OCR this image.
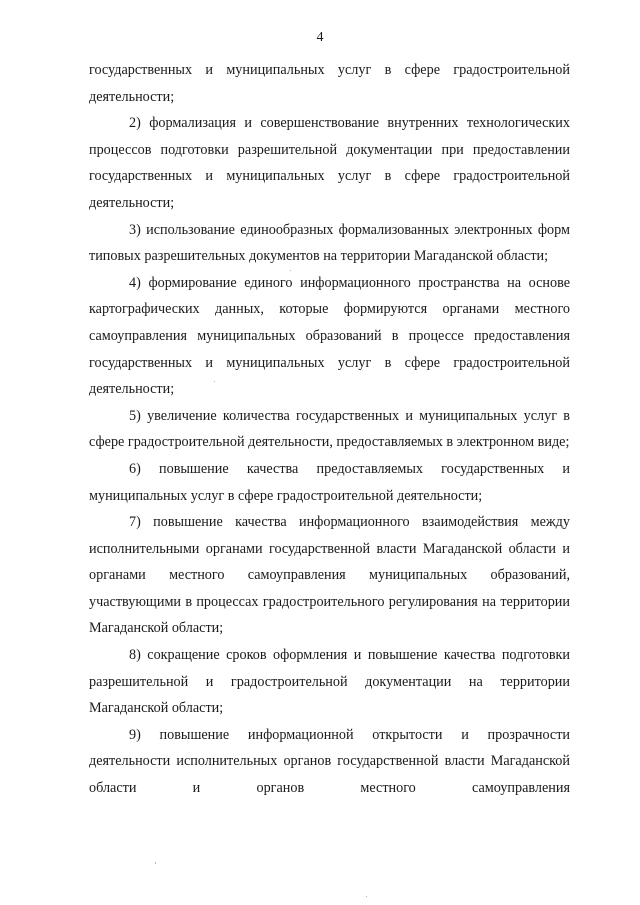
4

государственных и муниципальных услуг в сфере градостроительной деятельности;

2) формализация и совершенствование внутренних технологических процессов подготовки разрешительной документации при предоставлении государственных и муниципальных услуг в сфере градостроительной деятельности;

3) использование единообразных формализованных электронных форм типовых разрешительных документов на территории Магаданской области;

4) формирование единого информационного пространства на основе картографических данных, которые формируются органами местного самоуправления муниципальных образований в процессе предоставления государственных и муниципальных услуг в сфере градостроительной деятельности;

5) увеличение количества государственных и муниципальных услуг в сфере градостроительной деятельности, предоставляемых в электронном виде;

6) повышение качества предоставляемых государственных и муниципальных услуг в сфере градостроительной деятельности;

7) повышение качества информационного взаимодействия между исполнительными органами государственной власти Магаданской области и органами местного самоуправления муниципальных образований, участвующими в процессах градостроительного регулирования на территории Магаданской области;

8) сокращение сроков оформления и повышение качества подготовки разрешительной и градостроительной документации на территории Магаданской области;

9) повышение информационной открытости и прозрачности деятельности исполнительных органов государственной власти Магаданской области и органов местного самоуправления
